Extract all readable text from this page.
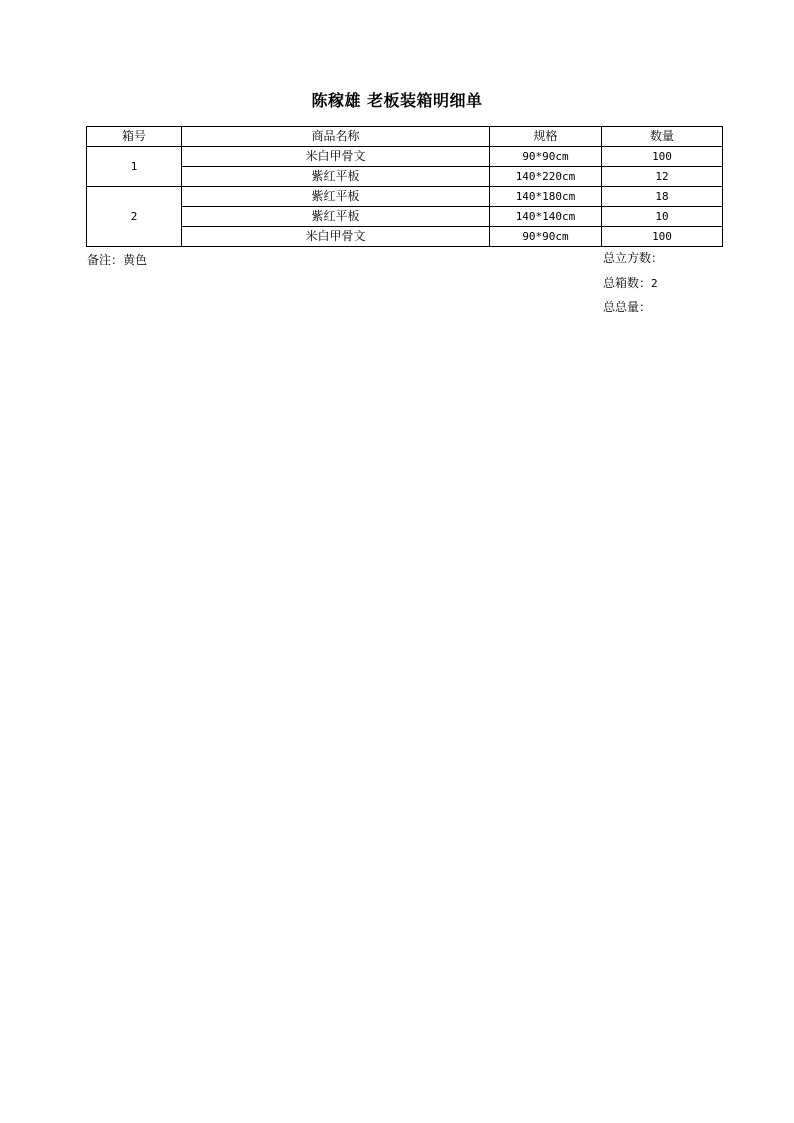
陈稼雄 老板装箱明细单
箱号	商品名称	规格	数量
1	米白甲骨文	90*90cm	100
	紫红平板	140*220cm	12
2	紫红平板	140*180cm	18
	紫红平板	140*140cm	10
	米白甲骨文	90*90cm	100
备注：黄色	总立方数：
总箱数：2
总总量：
